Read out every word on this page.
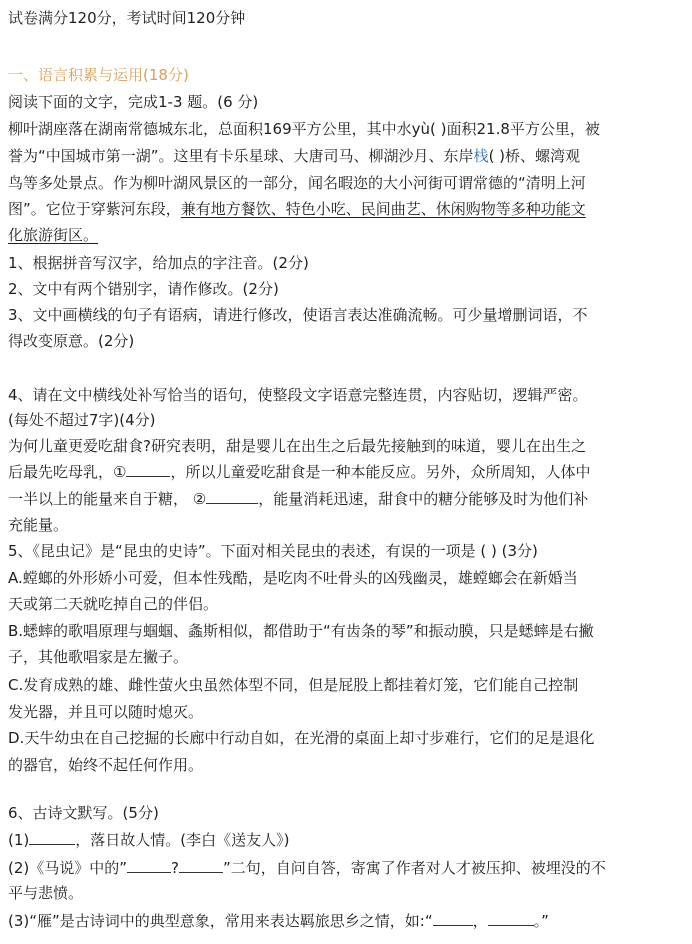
试卷满分120分，考试时间120分钟
一、语言积累与运用(18分)
阅读下面的文字，完成1-3 题。(6 分)
柳叶湖座落在湖南常德城东北，总面积169平方公里，其中水yù( )面积21.8平方公里，被
誉为“中国城市第一湖”。这里有卡乐星球、大唐司马、柳湖沙月、东岸栈( )桥、螺湾观
鸟等多处景点。作为柳叶湖风景区的一部分，闻名暇迩的大小河街可谓常德的“清明上河
图”。它位于穿紫河东段，兼有地方餐饮、特色小吃、民间曲艺、休闲购物等多种功能文
化旅游街区。
1、根据拼音写汉字，给加点的字注音。(2分)
2、文中有两个错别字，请作修改。(2分)
3、文中画横线的句子有语病，请进行修改，使语言表达准确流畅。可少量增删词语，不
得改变原意。(2分)
4、请在文中横线处补写恰当的语句，使整段文字语意完整连贯，内容贴切，逻辑严密。
(每处不超过7字)(4分)
为何儿童更爱吃甜食?研究表明，甜是婴儿在出生之后最先接触到的味道，婴儿在出生之
后最先吃母乳，①	，所以儿童爱吃甜食是一种本能反应。另外，众所周知，人体中
一半以上的能量来自于糖， ②	，能量消耗迅速，甜食中的糖分能够及时为他们补
充能量。
5、《昆虫记》是“昆虫的史诗”。下面对相关昆虫的表述，有误的一项是 ( ) (3分)
A.螳螂的外形娇小可爱，但本性残酷，是吃肉不吐骨头的凶残幽灵，雄螳螂会在新婚当
天或第二天就吃掉自己的伴侣。
B.蟋蟀的歌唱原理与蝈蝈、螽斯相似，都借助于“有齿条的琴”和振动膜，只是蟋蟀是右撇
子，其他歌唱家是左撇子。
C.发育成熟的雄、雌性萤火虫虽然体型不同，但是屁股上都挂着灯笼，它们能自己控制
发光器，并且可以随时熄灭。
D.天牛幼虫在自己挖掘的长廊中行动自如，在光滑的桌面上却寸步难行，它们的足是退化
的器官，始终不起任何作用。
6、古诗文默写。(5分)
(1)	，落日故人情。(李白《送友人》)
(2)《马说》中的”	?	”二句，自问自答，寄寓了作者对人才被压抑、被埋没的不
平与悲愤。
(3)“雁”是古诗词中的典型意象，常用来表达羁旅思乡之情，如:“	，	。”
